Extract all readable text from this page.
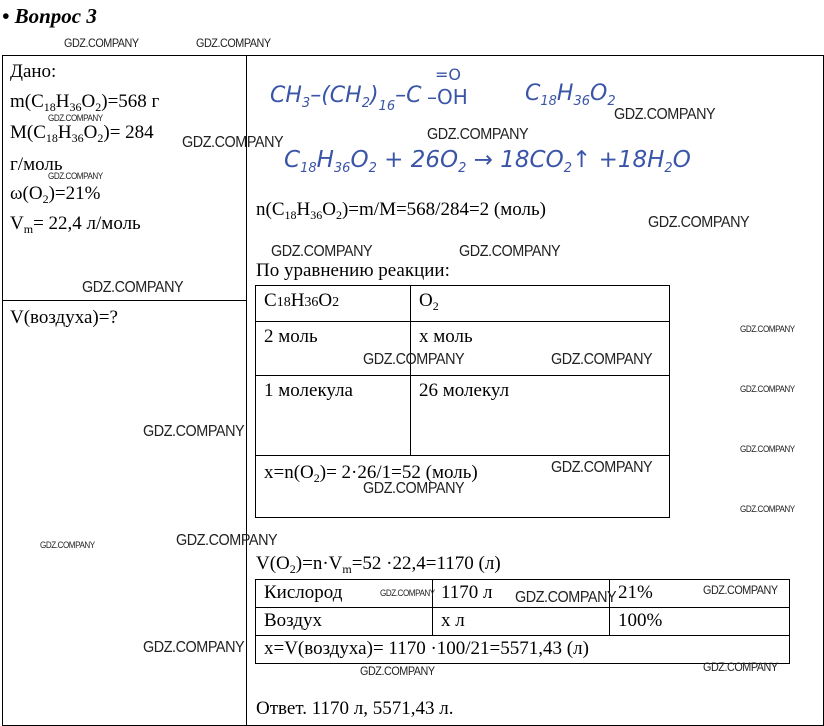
• Вопрос 3
Дано:
$m(C_{18}H_{36}O_2)=568$ г
$M(C_{18}H_{36}O_2)= 284$
г/моль
$\omega(O_2)=21\%$
$V_m= 22,4$ л/моль
V(воздуха)=?
$CH_3-(CH_2)_{16}-C$
=O
–OH	$C_{18}H_{36}O_2$
$C_{18}H_{36}O_2 + 26O_2$ → $18CO_2↑ +18H_2O$
$n(C_{18}H_{36}O_2)=m/M=568/284=2$ (моль)
По уравнению реакции:
C18H36O2	$O_2$
2 моль	x моль
1 молекула	26 молекул
$x=n(O_2)= 2\cdot 26/1=52$ (моль)	
$V(O_2)=n\cdot V_m=52 \cdot 22,4=1170$ (л)
Кислород	1170 л	21%
Воздух	x л	100%
x=V(воздуха)= 1170 ·100/21=5571,43 (л)		
Ответ. 1170 л, 5571,43 л.
GDZ.COMPANY	GDZ.COMPANY
GDZ.COMPANY
GDZ.COMPANY
GDZ.COMPANY	GDZ.COMPANY
GDZ.COMPANY
GDZ.COMPANY
GDZ.COMPANY	GDZ.COMPANY
GDZ.COMPANY
GDZ.COMPANY
GDZ.COMPANY	GDZ.COMPANY
GDZ.COMPANY
GDZ.COMPANY
GDZ.COMPANY
GDZ.COMPANY
GDZ.COMPANY
GDZ.COMPANY
GDZ.COMPANY
GDZ.COMPANY
GDZ.COMPANY	GDZ.COMPANY	GDZ.COMPANY
GDZ.COMPANY
GDZ.COMPANY
GDZ.COMPANY
